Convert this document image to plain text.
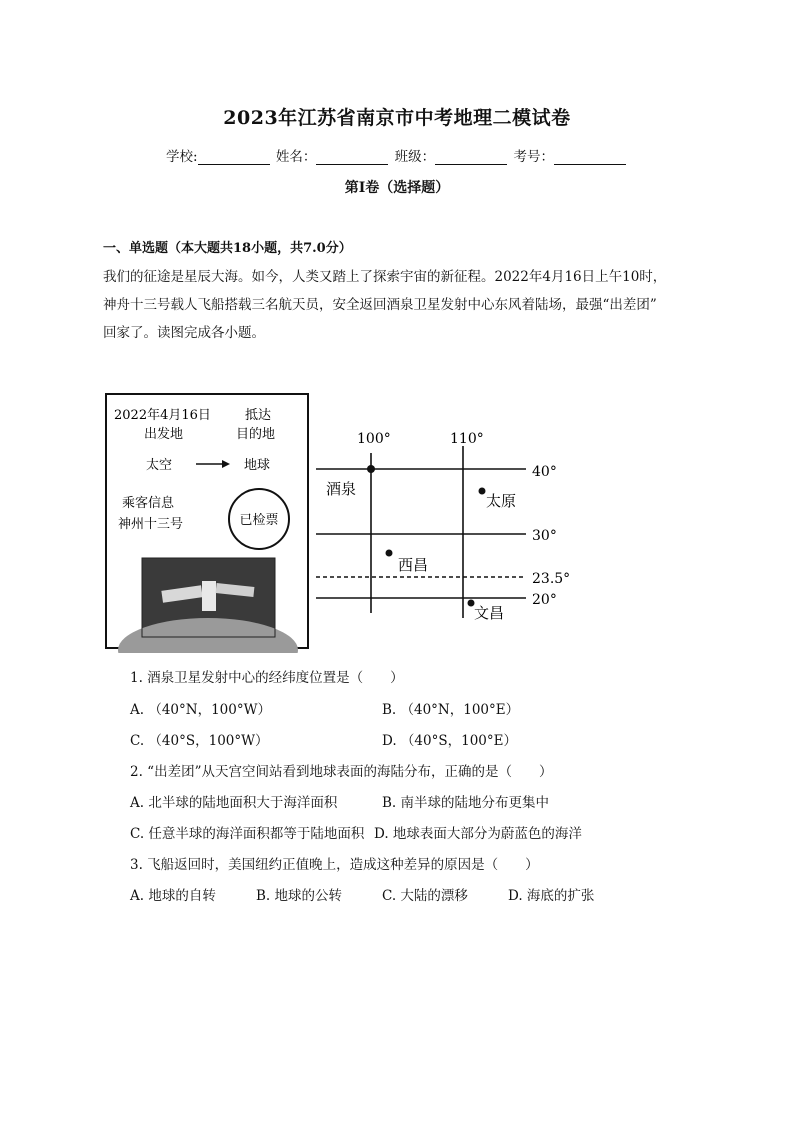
2023年江苏省南京市中考地理二模试卷
学校:	姓名：	班级：	考号：
第I卷（选择题）
一、单选题（本大题共18小题，共7.0分）

我们的征途是星辰大海。如今，人类又踏上了探索宇宙的新征程。2022年4月16日上午10时，

神舟十三号载人飞船搭载三名航天员，安全返回酒泉卫星发射中心东风着陆场，最强“出差团”

回家了。读图完成各小题。

2022年4月16日	抵达
出发地	目的地
太空	地球
乘客信息
神州十三号	已检票
100°	110°
40°
30°
23.5°
20°
酒泉
太原
西昌
文昌
1. 酒泉卫星发射中心的经纬度位置是（　　）
A. （40°N，100°W）	B. （40°N，100°E）
C. （40°S，100°W）	D. （40°S，100°E）
2. “出差团”从天宫空间站看到地球表面的海陆分布，正确的是（　　）
A. 北半球的陆地面积大于海洋面积	B. 南半球的陆地分布更集中
C. 任意半球的海洋面积都等于陆地面积 D. 地球表面大部分为蔚蓝色的海洋
3. 飞船返回时，美国纽约正值晚上，造成这种差异的原因是（　　）
A. 地球的自转	B. 地球的公转	C. 大陆的漂移	D. 海底的扩张
